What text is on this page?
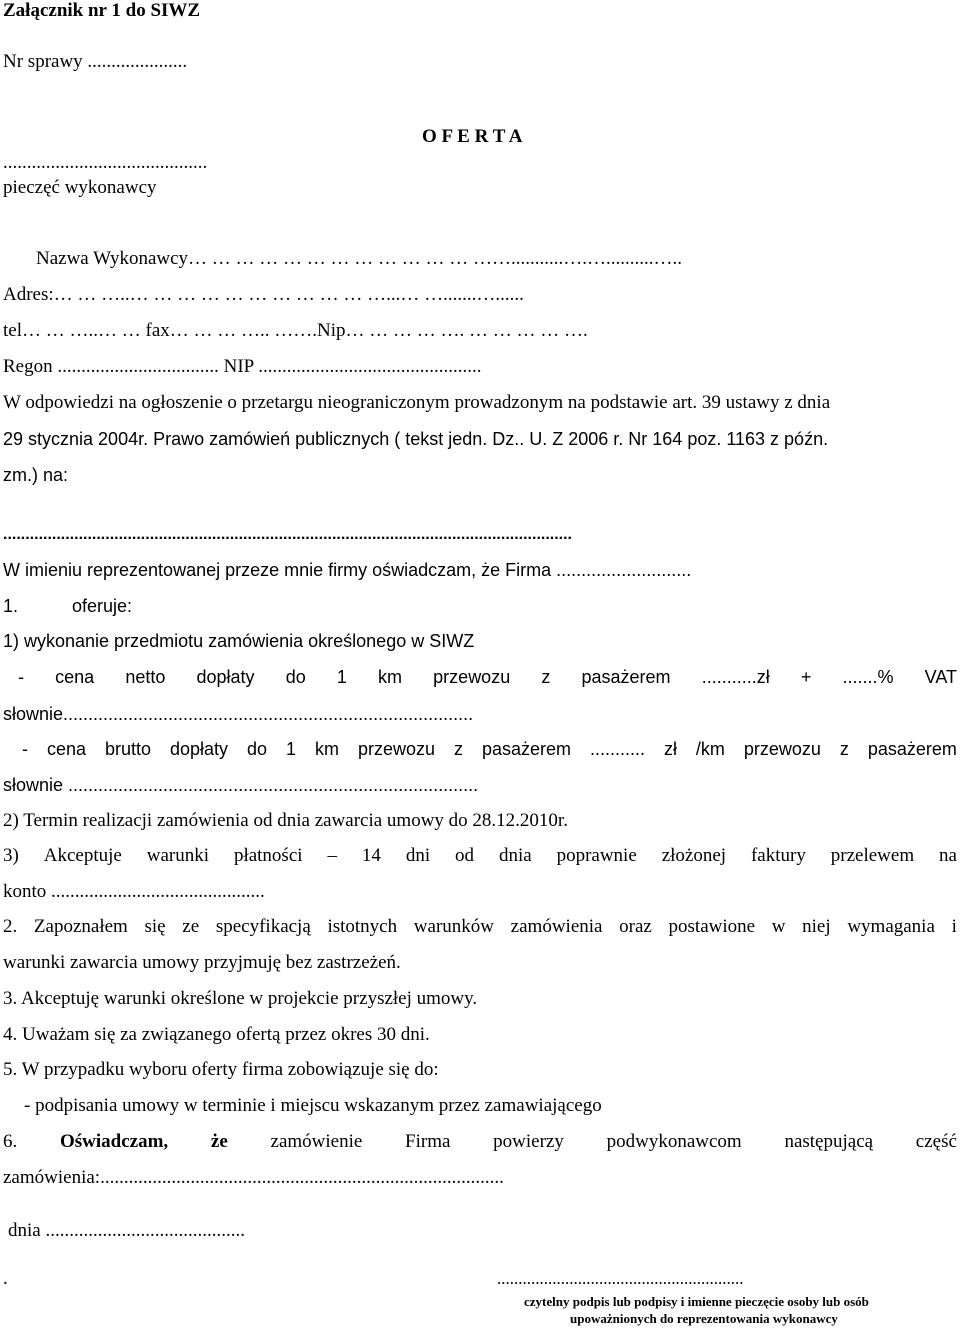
Załącznik nr 1 do SIWZ
Nr sprawy .....................
O F E R T A
...........................................
pieczęć wykonawcy
Nazwa Wykonawcy… … … … … … … … … … … … ……...........….…..........…..
Adres:… … …..… … … … … … … … … … …...… ….......…......
tel… … …..… … fax… … … ….. …….Nip… … … … …. … … … … ….
Regon .................................. NIP ...............................................
W odpowiedzi na ogłoszenie o przetargu nieograniczonym prowadzonym na podstawie art. 39 ustawy z dnia
29 stycznia 2004r. Prawo zamówień publicznych ( tekst jedn. Dz.. U. Z 2006 r. Nr 164 poz. 1163 z późn.
zm.) na:
................................................................................................................................
W imieniu reprezentowanej przeze mnie firmy oświadczam, że Firma ...........................
1.	oferuje:
1) wykonanie przedmiotu zamówienia określonego w SIWZ
- cena netto dopłaty do 1 km przewozu z pasażerem ...........zł + .......% VAT
słownie..................................................................................
- cena brutto dopłaty do 1 km przewozu z pasażerem ........... zł /km przewozu z pasażerem
słownie ..................................................................................
2) Termin realizacji zamówienia od dnia zawarcia umowy do 28.12.2010r.
3) Akceptuje warunki płatności – 14 dni od dnia poprawnie złożonej faktury przelewem na
konto .............................................
2. Zapoznałem się ze specyfikacją istotnych warunków zamówienia oraz postawione w niej wymagania i
warunki zawarcia umowy przyjmuję bez zastrzeżeń.
3. Akceptuję warunki określone w projekcie przyszłej umowy.
4. Uważam się za związanego ofertą przez okres 30 dni.
5. W przypadku wyboru oferty firma zobowiązuje się do:
- podpisania umowy w terminie i miejscu wskazanym przez zamawiającego
6. Oświadczam, że zamówienie Firma powierzy podwykonawcom następującą część
zamówienia:.....................................................................................
dnia ..........................................
.	..........................................................
czytelny podpis lub podpisy i imienne pieczęcie osoby lub osób
upoważnionych do reprezentowania wykonawcy
